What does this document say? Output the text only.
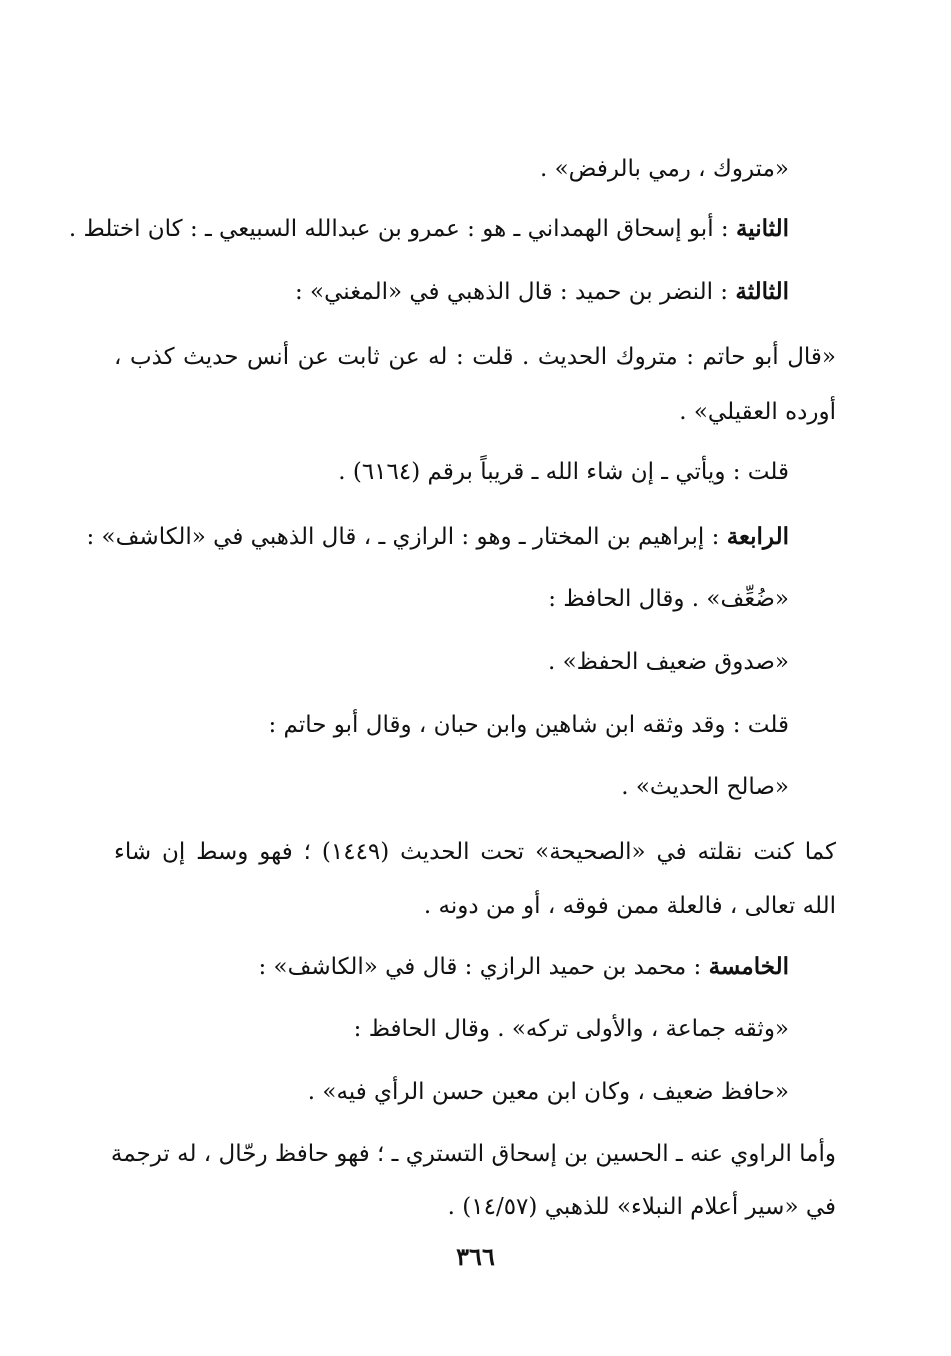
«متروك ، رمي بالرفض» .
الثانية : أبو إسحاق الهمداني ـ هو : عمرو بن عبدالله السبيعي ـ : كان اختلط .
الثالثة : النضر بن حميد : قال الذهبي في «المغني» :
«قال أبو حاتم : متروك الحديث . قلت : له عن ثابت عن أنس حديث كذب ،
أورده العقيلي» .
قلت : ويأتي ـ إن شاء الله ـ قريباً برقم (٦١٦٤) .
الرابعة : إبراهيم بن المختار ـ وهو : الرازي ـ ، قال الذهبي في «الكاشف» :
«ضُعِّف» . وقال الحافظ :
«صدوق ضعيف الحفظ» .
قلت : وقد وثقه ابن شاهين وابن حبان ، وقال أبو حاتم :
«صالح الحديث» .
كما كنت نقلته في «الصحيحة» تحت الحديث (١٤٤٩) ؛ فهو وسط إن شاء
الله تعالى ، فالعلة ممن فوقه ، أو من دونه .
الخامسة : محمد بن حميد الرازي : قال في «الكاشف» :
«وثقه جماعة ، والأولى تركه» . وقال الحافظ :
«حافظ ضعيف ، وكان ابن معين حسن الرأي فيه» .
وأما الراوي عنه ـ الحسين بن إسحاق التستري ـ ؛ فهو حافظ رحّال ، له ترجمة
في «سير أعلام النبلاء» للذهبي (١٤/٥٧) .
٣٦٦
